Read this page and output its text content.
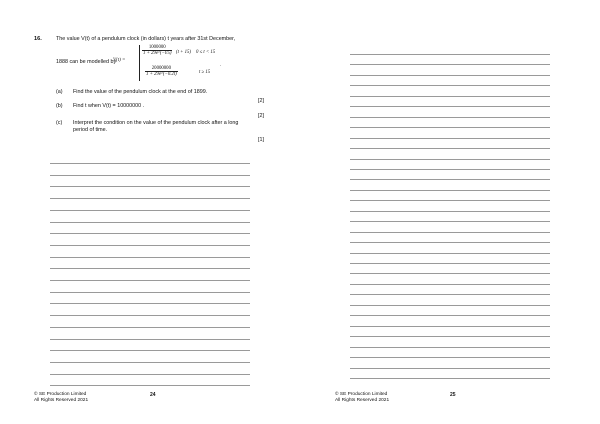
16.	The value V(t) of a pendulum clock (in dollars) t years after 31st December,
1888 can be modelled by
V(t) =
$\frac{1000000}{1 + 29e\^{}(-t/5)} (t + 15) 0 \le t < 15$
$\frac{20000000}{1 + 29e\^{}(-0.2t)}$	t ≥ 15
.
(a) Find the value of the pendulum clock at the end of 1899.
[2]
(b) Find t when V(t) = 10000000 .
[2]
(c) Interpret the condition on the value of the pendulum clock after a long
period of time.
[1]
© SE Production Limited
All Rights Reserved 2021
24	© SE Production Limited
All Rights Reserved 2021
25
